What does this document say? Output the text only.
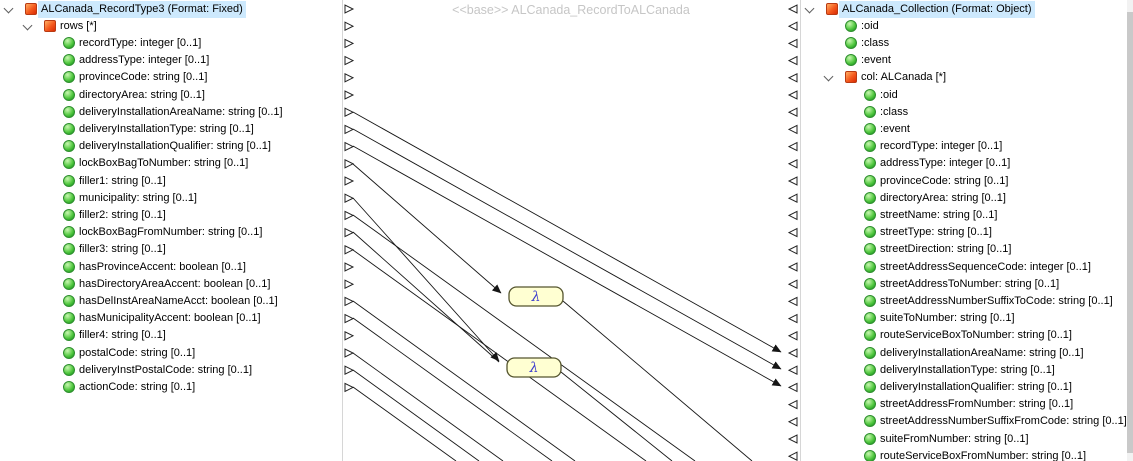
ALCanada_RecordType3 (Format: Fixed)
rows [*]
recordType: integer [0..1]
addressType: integer [0..1]
provinceCode: string [0..1]
directoryArea: string [0..1]
deliveryInstallationAreaName: string [0..1]
deliveryInstallationType: string [0..1]
deliveryInstallationQualifier: string [0..1]
lockBoxBagToNumber: string [0..1]
filler1: string [0..1]
municipality: string [0..1]
filler2: string [0..1]
lockBoxBagFromNumber: string [0..1]
filler3: string [0..1]
hasProvinceAccent: boolean [0..1]
hasDirectoryAreaAccent: boolean [0..1]
hasDelInstAreaNameAcct: boolean [0..1]
hasMunicipalityAccent: boolean [0..1]
filler4: string [0..1]
postalCode: string [0..1]
deliveryInstPostalCode: string [0..1]
actionCode: string [0..1]
<<base>> ALCanada_RecordToALCanada
λ
λ
ALCanada_Collection (Format: Object)
:oid
:class
:event
col: ALCanada [*]
:oid
:class
:event
recordType: integer [0..1]
addressType: integer [0..1]
provinceCode: string [0..1]
directoryArea: string [0..1]
streetName: string [0..1]
streetType: string [0..1]
streetDirection: string [0..1]
streetAddressSequenceCode: integer [0..1]
streetAddressToNumber: string [0..1]
streetAddressNumberSuffixToCode: string [0..1]
suiteToNumber: string [0..1]
routeServiceBoxToNumber: string [0..1]
deliveryInstallationAreaName: string [0..1]
deliveryInstallationType: string [0..1]
deliveryInstallationQualifier: string [0..1]
streetAddressFromNumber: string [0..1]
streetAddressNumberSuffixFromCode: string [0..1]
suiteFromNumber: string [0..1]
routeServiceBoxFromNumber: string [0..1]
